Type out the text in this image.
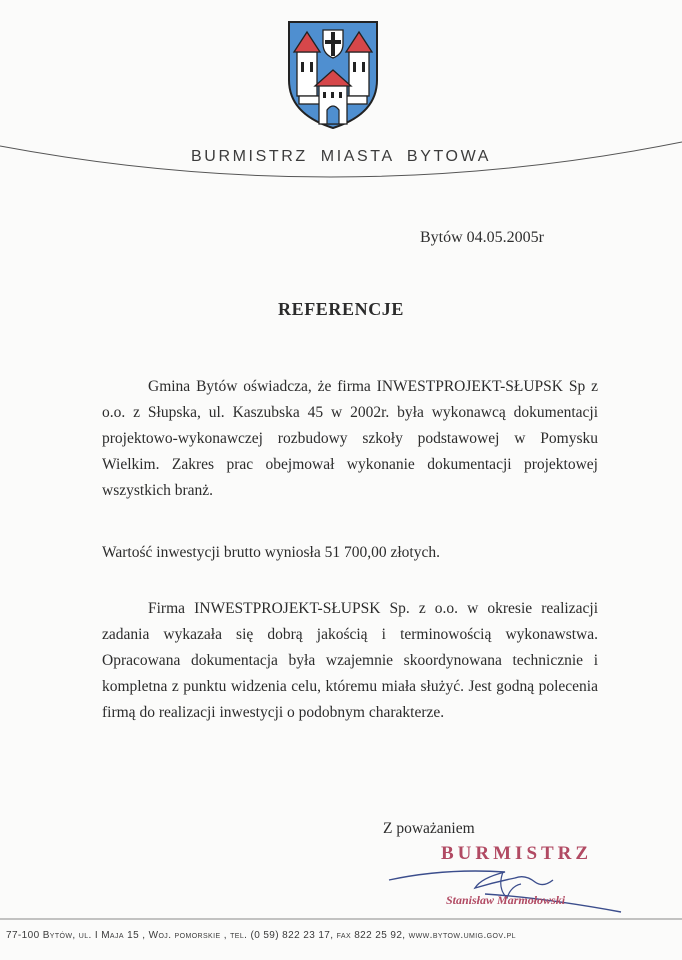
BURMISTRZ MIASTA BYTOWA
Bytów 04.05.2005r
REFERENCJE

Gmina Bytów oświadcza, że firma INWESTPROJEKT-SŁUPSK Sp z o.o. z Słupska, ul. Kaszubska 45 w 2002r. była wykonawcą dokumentacji projektowo-wykonawczej rozbudowy szkoły podstawowej w Pomysku Wielkim. Zakres prac obejmował wykonanie dokumentacji projektowej wszystkich branż.

Wartość inwestycji brutto wyniosła 51 700,00 złotych.

Firma INWESTPROJEKT-SŁUPSK Sp. z o.o. w okresie realizacji zadania wykazała się dobrą jakością i terminowością wykonawstwa. Opracowana dokumentacja była wzajemnie skoordynowana technicznie i kompletna z punktu widzenia celu, któremu miała służyć. Jest godną polecenia firmą do realizacji inwestycji o podobnym charakterze.

Z poważaniem
BURMISTRZ
Stanisław Marmołowski
77-100 Bytów, ul. I Maja 15 , Woj. pomorskie , tel. (0 59) 822 23 17, fax 822 25 92, www.bytow.umig.gov.pl
